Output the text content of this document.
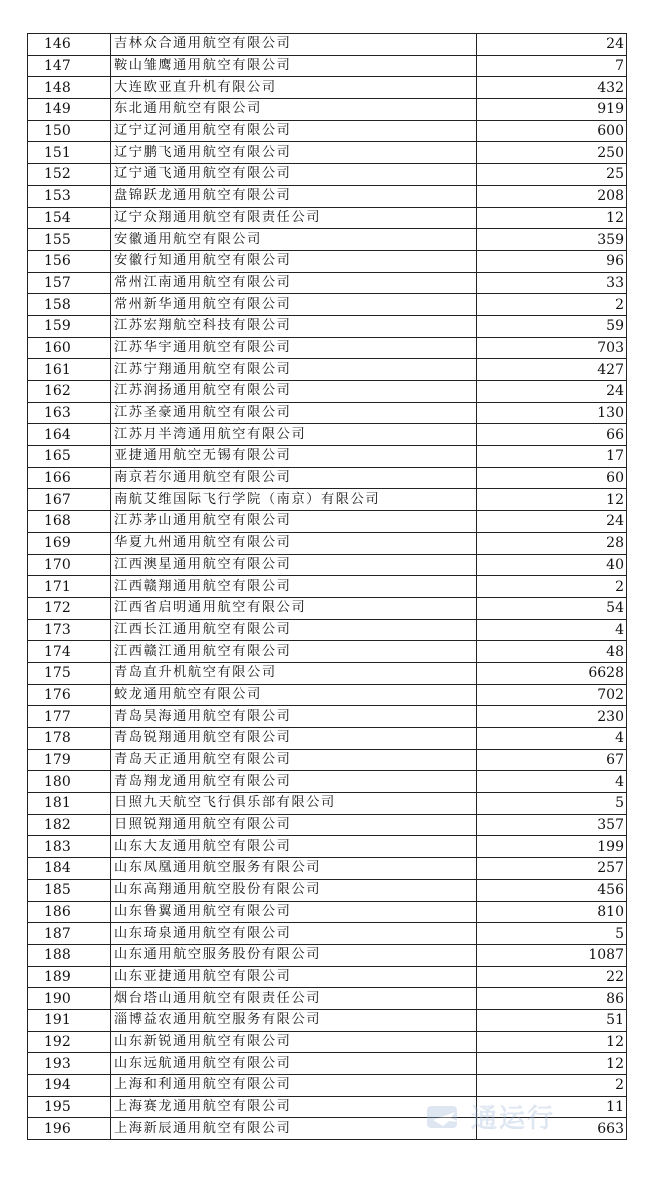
146	吉林众合通用航空有限公司	24
147	鞍山雏鹰通用航空有限公司	7
148	大连欧亚直升机有限公司	432
149	东北通用航空有限公司	919
150	辽宁辽河通用航空有限公司	600
151	辽宁鹏飞通用航空有限公司	250
152	辽宁通飞通用航空有限公司	25
153	盘锦跃龙通用航空有限公司	208
154	辽宁众翔通用航空有限责任公司	12
155	安徽通用航空有限公司	359
156	安徽行知通用航空有限公司	96
157	常州江南通用航空有限公司	33
158	常州新华通用航空有限公司	2
159	江苏宏翔航空科技有限公司	59
160	江苏华宇通用航空有限公司	703
161	江苏宁翔通用航空有限公司	427
162	江苏润扬通用航空有限公司	24
163	江苏圣豪通用航空有限公司	130
164	江苏月半湾通用航空有限公司	66
165	亚捷通用航空无锡有限公司	17
166	南京若尔通用航空有限公司	60
167	南航艾维国际飞行学院（南京）有限公司	12
168	江苏茅山通用航空有限公司	24
169	华夏九州通用航空有限公司	28
170	江西澳星通用航空有限公司	40
171	江西赣翔通用航空有限公司	2
172	江西省启明通用航空有限公司	54
173	江西长江通用航空有限公司	4
174	江西赣江通用航空有限公司	48
175	青岛直升机航空有限公司	6628
176	蛟龙通用航空有限公司	702
177	青岛昊海通用航空有限公司	230
178	青岛锐翔通用航空有限公司	4
179	青岛天正通用航空有限公司	67
180	青岛翔龙通用航空有限公司	4
181	日照九天航空飞行俱乐部有限公司	5
182	日照锐翔通用航空有限公司	357
183	山东大友通用航空有限公司	199
184	山东凤凰通用航空服务有限公司	257
185	山东高翔通用航空股份有限公司	456
186	山东鲁翼通用航空有限公司	810
187	山东琦泉通用航空有限公司	5
188	山东通用航空服务股份有限公司	1087
189	山东亚捷通用航空有限公司	22
190	烟台塔山通用航空有限责任公司	86
191	淄博益农通用航空服务有限公司	51
192	山东新锐通用航空有限公司	12
193	山东远航通用航空有限公司	12
194	上海和利通用航空有限公司	2
195	上海赛龙通用航空有限公司	11
196	上海新辰通用航空有限公司	663
通运行
